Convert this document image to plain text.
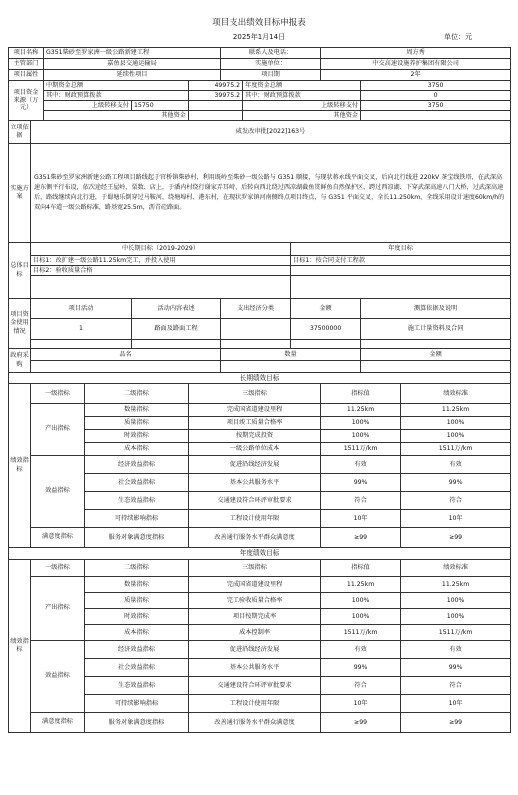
项目支出绩效目标申报表
2025年1月14日	单位：元
项目名称		G351柴砂至罗家洲一级公路新建工程				联系人及电话：			周方秀		
主管部门		嘉鱼县交通运输局				实施单位：			中交高速设施养护集团有限公司		
项目属性		延续性项目				项目期			2年		
项目资金来源（万元）		中期资金总额			49975.2		年度资金总额			3750	
		其中：财政预算拨款			39975.2		其中：财政预算拨款			0	
		上级转移支付		15750			上级转移支付			3750	
		其他资金					其他资金				
立项依据	咸发改审批[2022]163号										
实施方案	G351柴砂至罗家洲新建公路工程项目路线起于官桥镇柴砂村，利用既岭至柴砂一级公路与 G351 顺接，与现状蒋永线平面交叉，后向北行线进 220kV 茶宝线铁塔，在武深高速东侧平行布设，依次途经王屋岭、栗数、店上，于潘内村绕行谢家弄耳峙，后转向西北绕过西凉湖截鱼贯鲜鱼自然保护区、跨过西凉湖、下穿武深高速八门大桥，过武深高速后，路线继续向北行进，于蜀塘乐倒穿过马鞍河，绕塘埠村、港东村，在现状罗家镇河南侧终点项目终点，与 G351 平面交叉，全长11.250km，全线采用设计速度60km/h的双向4车道一级公路标准，路基宽25.5m，沥青砼路面。										
总体目标	中长期目标（2019-2029）							年度目标			
	目标1：改扩建一级公路11.25km完工，并投入使用							目标1：按合同支付工程款			
	目标2：验收质量合格										

项目资金使用情况	项目活动			活动内容表述		支出经济分类		金额		测算依据及说明	
	1			路面及路面工程				37500000		施工计量资料及合同	

政府采购	品名					数量				金额	

长期绩效目标											
绩效指标	一级指标		二级指标		三级指标				指标值		绩效标准
	产出指标		数量指标		完成国省道建设里程				11.25km		11.25km
			质量指标		项目竣工质量合格率				100%		100%
			时效指标		按期完成投资				100%		100%
			成本指标		一级公路单位成本				1511万/km		1511万/km
	效益指标		经济效益指标		促进沿线经济发展				有效		有效
			社会效益指标		基本公共服务水平				99%		99%
			生态效益指标		交通建设符合环评审批要求				符合		符合
			可持续影响指标		工程设计使用年限				10年		10年
	满意度指标		服务对象满意度指标		改善通行服务水平群众满意度				≥99		≥99
年度绩效目标											
绩效指标	一级指标		二级指标		三级指标				指标值		绩效标准
	产出指标		数量指标		完成国省道建设里程				11.25km		11.25km
			质量指标		完工验收质量合格率				100%		100%
			时效指标		项目按期完成率				100%		100%
			成本指标		成本控制率				1511万/km		1511万/km
	效益指标		经济效益指标		促进沿线经济发展				有效		有效
			社会效益指标		基本公共服务水平				99%		99%
			生态效益指标		交通建设符合环评审批要求				符合		符合
			可持续影响指标		工程设计使用年限				10年		10年
	满意度指标		服务对象满意度指标		改善通行服务水平群众满意度				≥99		≥99
